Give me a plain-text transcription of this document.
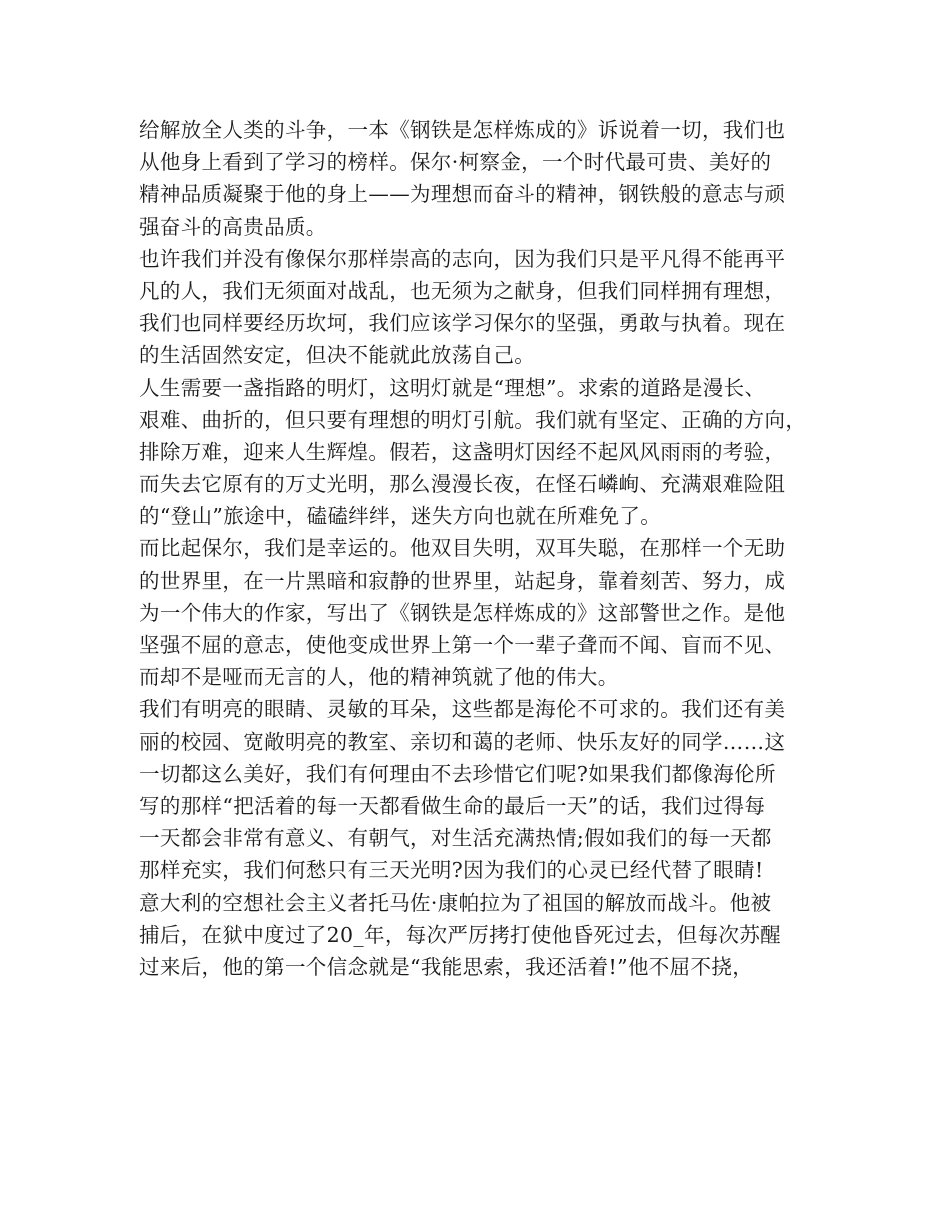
给解放全人类的斗争，一本《钢铁是怎样炼成的》诉说着一切，我们也
从他身上看到了学习的榜样。保尔·柯察金，一个时代最可贵、美好的
精神品质凝聚于他的身上——为理想而奋斗的精神，钢铁般的意志与顽
强奋斗的高贵品质。
也许我们并没有像保尔那样崇高的志向，因为我们只是平凡得不能再平
凡的人，我们无须面对战乱，也无须为之献身，但我们同样拥有理想，
我们也同样要经历坎坷，我们应该学习保尔的坚强，勇敢与执着。现在
的生活固然安定，但决不能就此放荡自己。
人生需要一盏指路的明灯，这明灯就是“理想”。求索的道路是漫长、
艰难、曲折的，但只要有理想的明灯引航。我们就有坚定、正确的方向，
排除万难，迎来人生辉煌。假若，这盏明灯因经不起风风雨雨的考验，
而失去它原有的万丈光明，那么漫漫长夜，在怪石嶙峋、充满艰难险阻
的“登山”旅途中，磕磕绊绊，迷失方向也就在所难免了。
而比起保尔，我们是幸运的。他双目失明，双耳失聪，在那样一个无助
的世界里，在一片黑暗和寂静的世界里，站起身，靠着刻苦、努力，成
为一个伟大的作家，写出了《钢铁是怎样炼成的》这部警世之作。是他
坚强不屈的意志，使他变成世界上第一个一辈子聋而不闻、盲而不见、
而却不是哑而无言的人，他的精神筑就了他的伟大。
我们有明亮的眼睛、灵敏的耳朵，这些都是海伦不可求的。我们还有美
丽的校园、宽敞明亮的教室、亲切和蔼的老师、快乐友好的同学……这
一切都这么美好，我们有何理由不去珍惜它们呢?如果我们都像海伦所
写的那样“把活着的每一天都看做生命的最后一天”的话，我们过得每
一天都会非常有意义、有朝气，对生活充满热情;假如我们的每一天都
那样充实，我们何愁只有三天光明?因为我们的心灵已经代替了眼睛!
意大利的空想社会主义者托马佐·康帕拉为了祖国的解放而战斗。他被
捕后，在狱中度过了20_年，每次严厉拷打使他昏死过去，但每次苏醒
过来后，他的第一个信念就是“我能思索，我还活着!”他不屈不挠，
